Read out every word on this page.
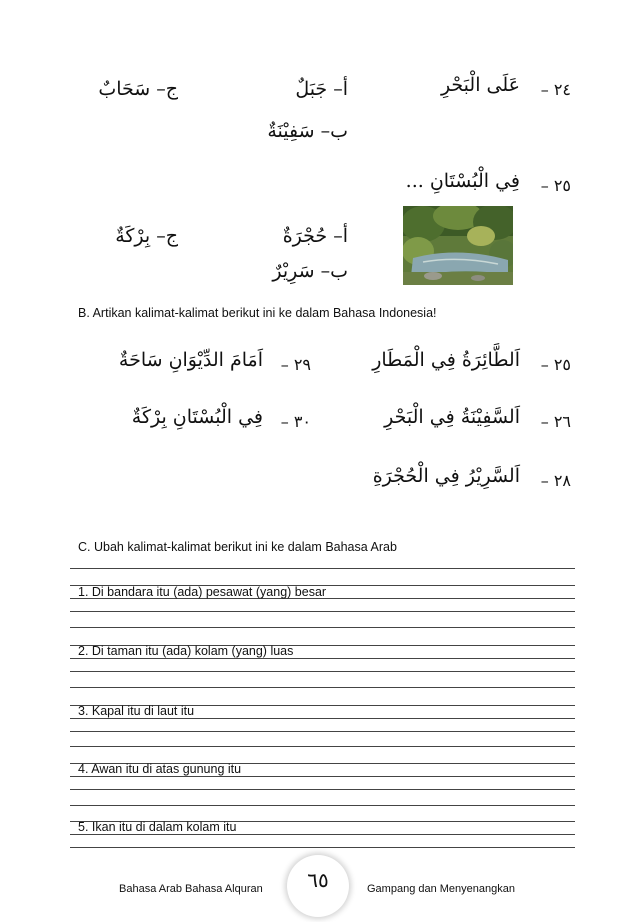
٢٤ –
عَلَى الْبَحْرِ
أ– جَبَلٌ
ج– سَحَابٌ
ب– سَفِيْنَةٌ
٢٥ –
فِي الْبُسْتَانِ ...
أ– حُجْرَةٌ
ج– بِرْكَةٌ
ب– سَرِيْرٌ
B. Artikan kalimat-kalimat berikut ini ke dalam Bahasa Indonesia!
٢٥ –
اَلطَّائِرَةُ فِي الْمَطَارِ
٢٦ –
اَلسَّفِيْنَةُ فِي الْبَحْرِ
٢٨ –
اَلسَّرِيْرُ فِي الْحُجْرَةِ
٢٩ –
اَمَامَ الدِّيْوَانِ سَاحَةٌ
٣٠ –
فِي الْبُسْتَانِ بِرْكَةٌ
C. Ubah kalimat-kalimat berikut ini ke dalam Bahasa Arab
1. Di bandara itu (ada) pesawat (yang) besar
2. Di taman itu (ada) kolam (yang) luas
3. Kapal itu di laut itu
4. Awan itu di atas gunung itu
5. Ikan itu di dalam kolam itu
Bahasa Arab Bahasa Alquran ٦٥	Gampang dan Menyenangkan
